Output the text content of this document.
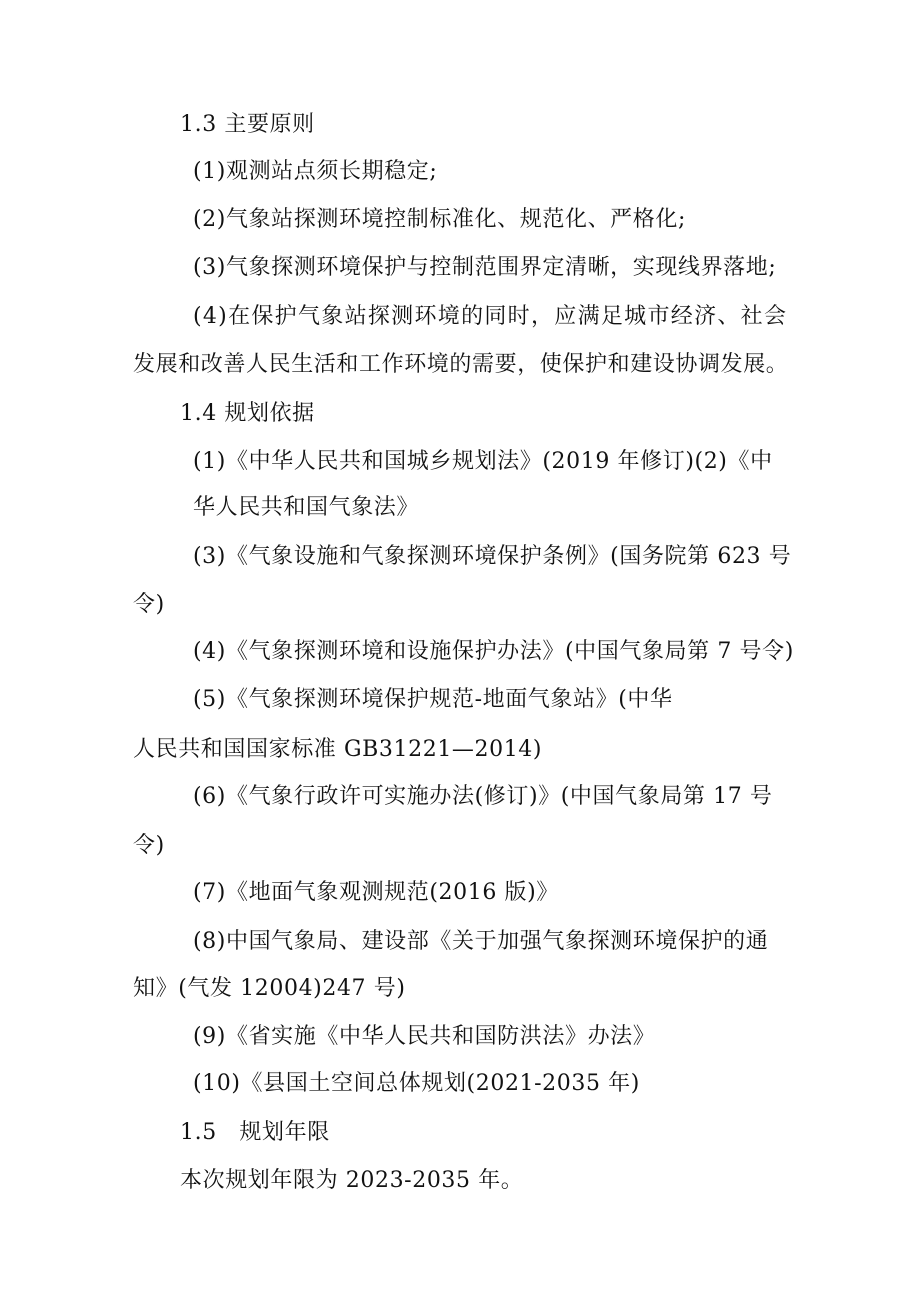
1.3 主要原则
(1)观测站点须长期稳定;
(2)气象站探测环境控制标准化、规范化、严格化;
(3)气象探测环境保护与控制范围界定清晰，实现线界落地;
(4)在保护气象站探测环境的同时，应满足城市经济、社会
发展和改善人民生活和工作环境的需要，使保护和建设协调发展。
1.4 规划依据
(1)《中华人民共和国城乡规划法》(2019 年修订)(2)《中
华人民共和国气象法》
(3)《气象设施和气象探测环境保护条例》(国务院第 623 号
令)
(4)《气象探测环境和设施保护办法》(中国气象局第 7 号令)
(5)《气象探测环境保护规范-地面气象站》(中华
人民共和国国家标准 GB31221—2014)
(6)《气象行政许可实施办法(修订)》(中国气象局第 17 号
令)
(7)《地面气象观测规范(2016 版)》
(8)中国气象局、建设部《关于加强气象探测环境保护的通
知》(气发 12004)247 号)
(9)《省实施《中华人民共和国防洪法》办法》
(10)《县国土空间总体规划(2021-2035 年)
1.5　规划年限
本次规划年限为 2023-2035 年。
